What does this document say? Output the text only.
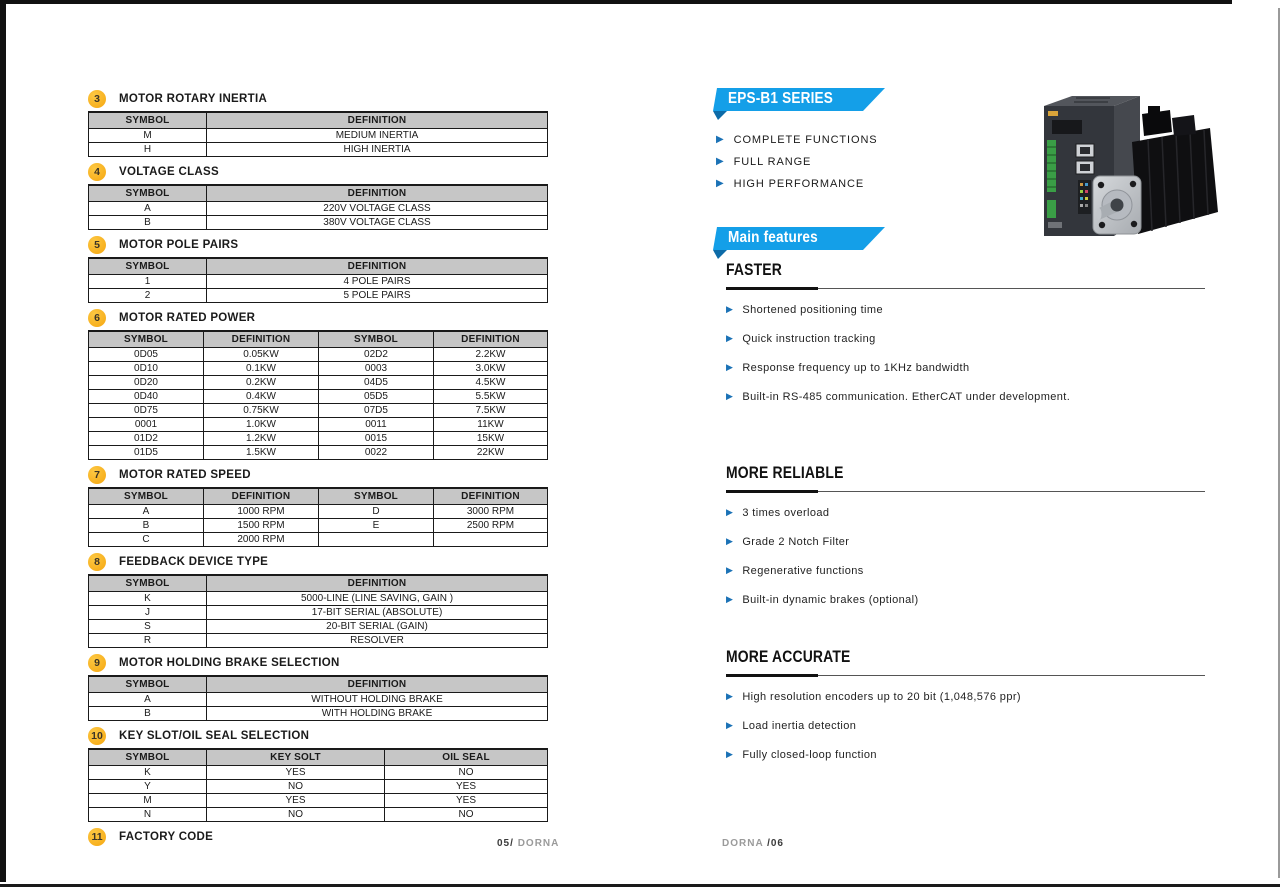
3	MOTOR ROTARY INERTIA
SYMBOL	DEFINITION
M	MEDIUM INERTIA
H	HIGH INERTIA
4	VOLTAGE CLASS
SYMBOL	DEFINITION
A	220V VOLTAGE CLASS
B	380V VOLTAGE CLASS
5	MOTOR POLE PAIRS
SYMBOL	DEFINITION
1	4 POLE PAIRS
2	5 POLE PAIRS
6	MOTOR RATED POWER
SYMBOL	DEFINITION	SYMBOL	DEFINITION
0D05	0.05KW	02D2	2.2KW
0D10	0.1KW	0003	3.0KW
0D20	0.2KW	04D5	4.5KW
0D40	0.4KW	05D5	5.5KW
0D75	0.75KW	07D5	7.5KW
0001	1.0KW	0011	11KW
01D2	1.2KW	0015	15KW
01D5	1.5KW	0022	22KW
7	MOTOR RATED SPEED
SYMBOL	DEFINITION	SYMBOL	DEFINITION
A	1000 RPM	D	3000 RPM
B	1500 RPM	E	2500 RPM
C	2000 RPM		
8	FEEDBACK DEVICE TYPE
SYMBOL	DEFINITION
K	5000-LINE (LINE SAVING, GAIN )
J	17-BIT SERIAL (ABSOLUTE)
S	20-BIT SERIAL (GAIN)
R	RESOLVER
9	MOTOR HOLDING BRAKE SELECTION
SYMBOL	DEFINITION
A	WITHOUT HOLDING BRAKE
B	WITH HOLDING BRAKE
10 KEY SLOT/OIL SEAL SELECTION
SYMBOL	KEY SOLT	OIL SEAL
K	YES	NO
Y	NO	YES
M	YES	YES
N	NO	NO
11	FACTORY CODE
EPS-B1 SERIES
▶ COMPLETE FUNCTIONS
▶ FULL RANGE
▶ HIGH PERFORMANCE
Main features
FASTER
▶ Shortened positioning time
▶ Quick instruction tracking
▶ Response frequency up to 1KHz bandwidth
▶ Built-in RS-485 communication. EtherCAT under development.
MORE RELIABLE
▶ 3 times overload
▶ Grade 2 Notch Filter
▶ Regenerative functions
▶ Built-in dynamic brakes (optional)
MORE ACCURATE
▶ High resolution encoders up to 20 bit (1,048,576 ppr)
▶ Load inertia detection
▶ Fully closed-loop function
05/ DORNA	DORNA /06
